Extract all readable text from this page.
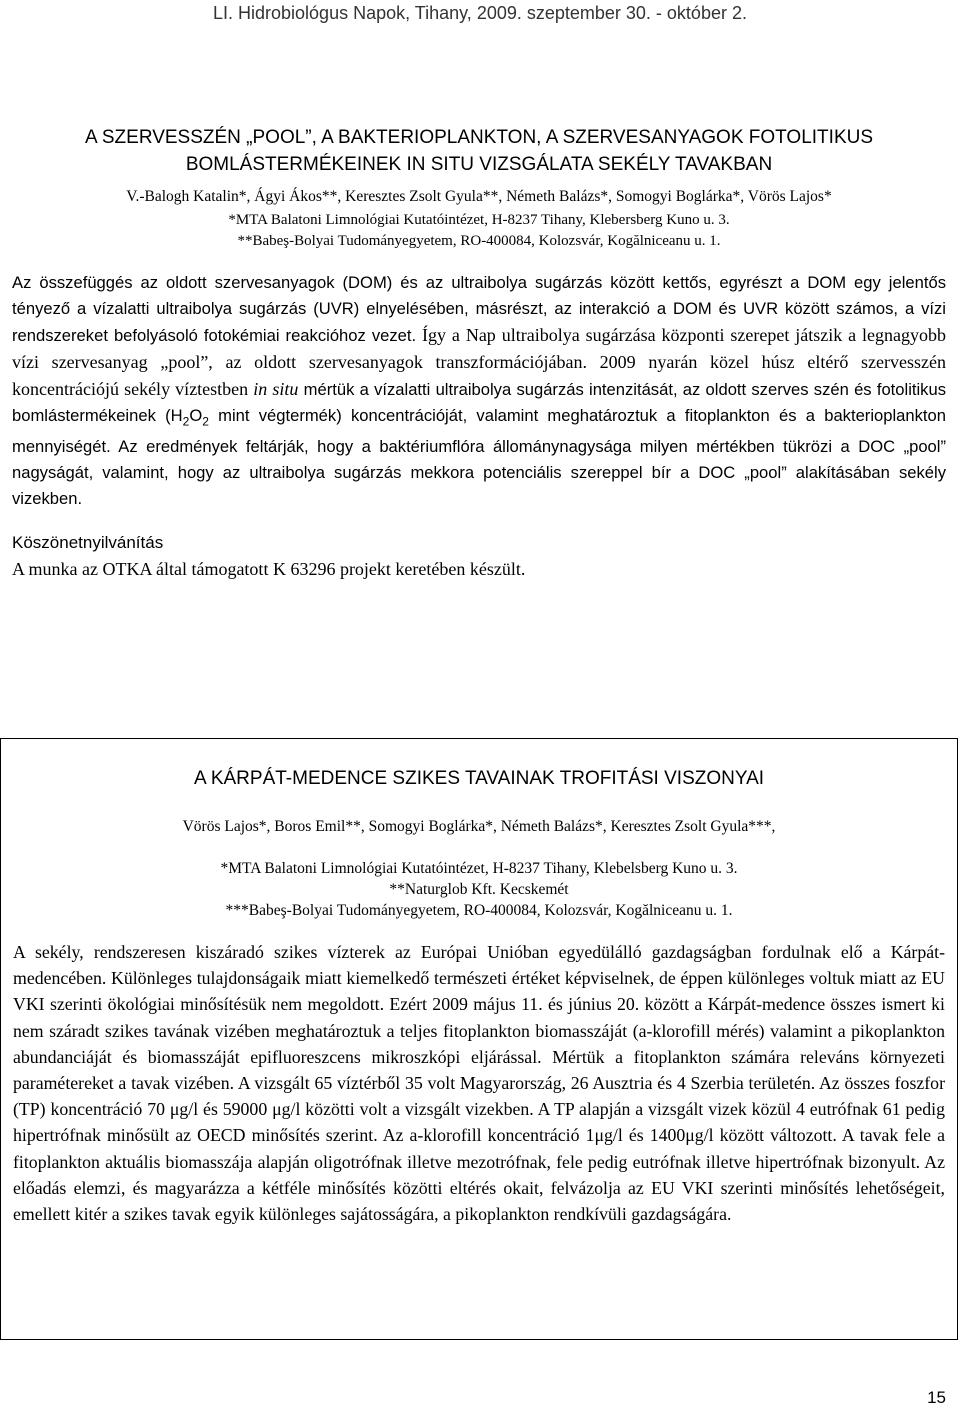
LI. Hidrobiológus Napok, Tihany, 2009. szeptember 30. - október 2.
A SZERVESSZÉN „POOL”, A BAKTERIOPLANKTON, A SZERVESANYAGOK FOTOLITIKUS
BOMLÁSTERMÉKEINEK IN SITU VIZSGÁLATA SEKÉLY TAVAKBAN
V.-Balogh Katalin*, Ágyi Ákos**, Keresztes Zsolt Gyula**, Németh Balázs*, Somogyi Boglárka*, Vörös Lajos*
*MTA Balatoni Limnológiai Kutatóintézet, H-8237 Tihany, Klebersberg Kuno u. 3.
**Babeş-Bolyai Tudományegyetem, RO-400084, Kolozsvár, Kogălniceanu u. 1.

Az összefüggés az oldott szervesanyagok (DOM) és az ultraibolya sugárzás között kettős, egyrészt a DOM egy jelentős tényező a vízalatti ultraibolya sugárzás (UVR) elnyelésében, másrészt, az interakció a DOM és UVR között számos, a vízi rendszereket befolyásoló fotokémiai reakcióhoz vezet. Így a Nap ultraibolya sugárzása központi szerepet játszik a legnagyobb vízi szervesanyag „pool”, az oldott szervesanyagok transzformációjában. 2009 nyarán közel húsz eltérő szervesszén koncentrációjú sekély víztestben in situ mértük a vízalatti ultraibolya sugárzás intenzitását, az oldott szerves szén és fotolitikus bomlástermékeinek ($H_2O_2$ mint végtermék) koncentrációját, valamint meghatároztuk a fitoplankton és a bakterioplankton mennyiségét. Az eredmények feltárják, hogy a baktériumflóra állománynagysága milyen mértékben tükrözi a DOC „pool” nagyságát, valamint, hogy az ultraibolya sugárzás mekkora potenciális szereppel bír a DOC „pool” alakításában sekély vizekben.

Köszönetnyilvánítás
A munka az OTKA által támogatott K 63296 projekt keretében készült.
A KÁRPÁT-MEDENCE SZIKES TAVAINAK TROFITÁSI VISZONYAI
Vörös Lajos*, Boros Emil**, Somogyi Boglárka*, Németh Balázs*, Keresztes Zsolt Gyula***,
*MTA Balatoni Limnológiai Kutatóintézet, H-8237 Tihany, Klebelsberg Kuno u. 3.
**Naturglob Kft. Kecskemét
***Babeş-Bolyai Tudományegyetem, RO-400084, Kolozsvár, Kogălniceanu u. 1.
A sekély, rendszeresen kiszáradó szikes vízterek az Európai Unióban egyedülálló gazdagságban fordulnak elő a Kárpát-medencében. Különleges tulajdonságaik miatt kiemelkedő természeti értéket képviselnek, de éppen különleges voltuk miatt az EU VKI szerinti ökológiai minősítésük nem megoldott. Ezért 2009 május 11. és június 20. között a Kárpát-medence összes ismert ki nem száradt szikes tavának vizében meghatároztuk a teljes fitoplankton biomasszáját (a-klorofill mérés) valamint a pikoplankton abundanciáját és biomasszáját epifluoreszcens mikroszkópi eljárással. Mértük a fitoplankton számára releváns környezeti paramétereket a tavak vizében. A vizsgált 65 víztérből 35 volt Magyarország, 26 Ausztria és 4 Szerbia területén. Az összes foszfor (TP) koncentráció 70 μg/l és 59000 μg/l közötti volt a vizsgált vizekben. A TP alapján a vizsgált vizek közül 4 eutrófnak 61 pedig hipertrófnak minősült az OECD minősítés szerint. Az a-klorofill koncentráció 1μg/l és 1400μg/l között változott. A tavak fele a fitoplankton aktuális biomasszája alapján oligotrófnak illetve mezotrófnak, fele pedig eutrófnak illetve hipertrófnak bizonyult. Az előadás elemzi, és magyarázza a kétféle minősítés közötti eltérés okait, felvázolja az EU VKI szerinti minősítés lehetőségeit, emellett kitér a szikes tavak egyik különleges sajátosságára, a pikoplankton rendkívüli gazdagságára.
15
